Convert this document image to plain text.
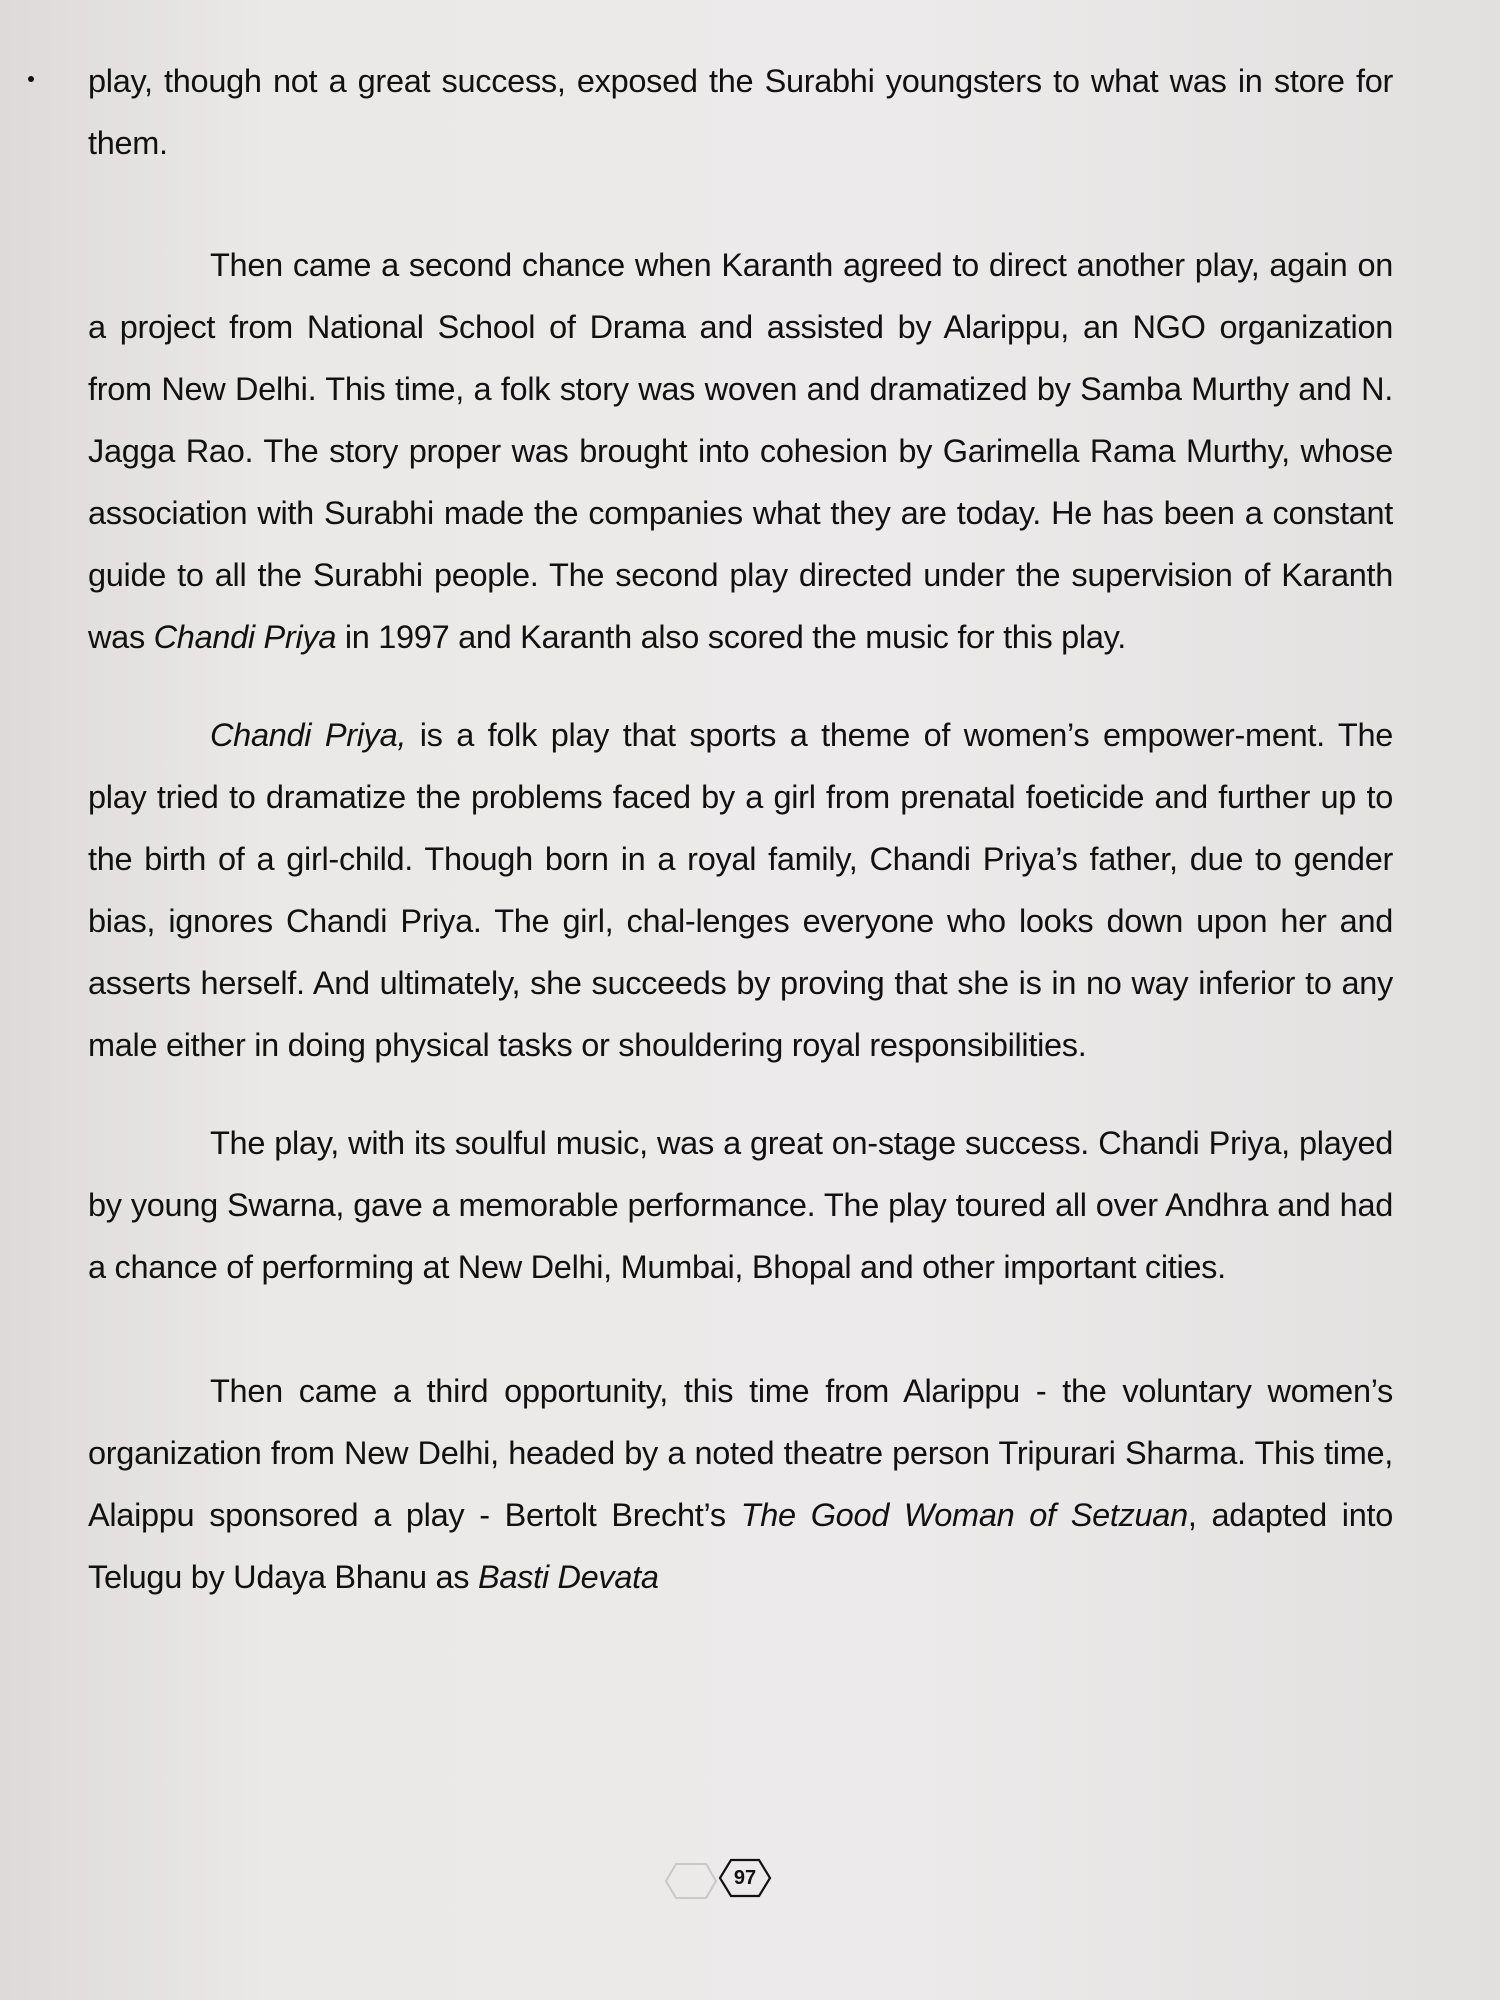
play, though not a great success, exposed the Surabhi youngsters to what was in store for them.

Then came a second chance when Karanth agreed to direct another play, again on a project from National School of Drama and assisted by Alarippu, an NGO organization from New Delhi. This time, a folk story was woven and dramatized by Samba Murthy and N. Jagga Rao. The story proper was brought into cohesion by Garimella Rama Murthy, whose association with Surabhi made the companies what they are today. He has been a constant guide to all the Surabhi people. The second play directed under the supervision of Karanth was Chandi Priya in 1997 and Karanth also scored the music for this play.

Chandi Priya, is a folk play that sports a theme of women’s empower-ment. The play tried to dramatize the problems faced by a girl from prenatal foeticide and further up to the birth of a girl-child. Though born in a royal family, Chandi Priya’s father, due to gender bias, ignores Chandi Priya. The girl, chal-lenges everyone who looks down upon her and asserts herself. And ultimately, she succeeds by proving that she is in no way inferior to any male either in doing physical tasks or shouldering royal responsibilities.

The play, with its soulful music, was a great on-stage success. Chandi Priya, played by young Swarna, gave a memorable performance. The play toured all over Andhra and had a chance of performing at New Delhi, Mumbai, Bhopal and other important cities.

Then came a third opportunity, this time from Alarippu - the voluntary women’s organization from New Delhi, headed by a noted theatre person Tripurari Sharma. This time, Alaippu sponsored a play - Bertolt Brecht’s The Good Woman of Setzuan, adapted into Telugu by Udaya Bhanu as Basti Devata

97
